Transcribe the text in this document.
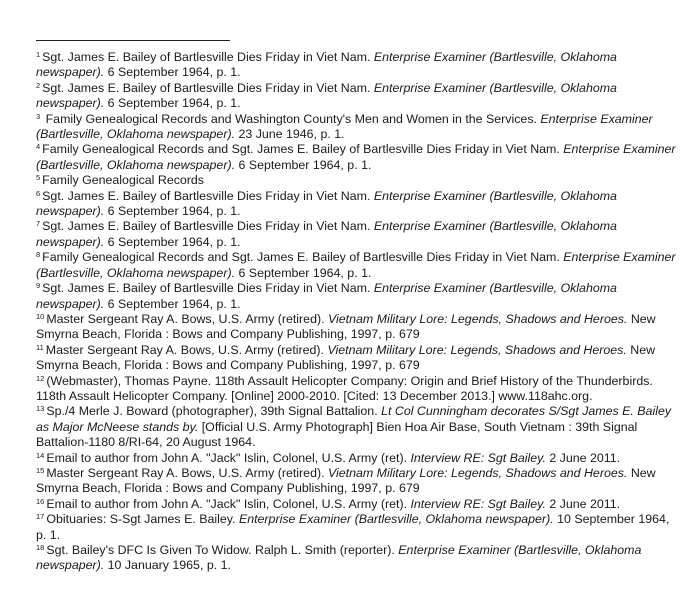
$^1$ Sgt. James E. Bailey of Bartlesville Dies Friday in Viet Nam. Enterprise Examiner (Bartlesville, Oklahoma newspaper). 6 September 1964, p. 1.

$^2$ Sgt. James E. Bailey of Bartlesville Dies Friday in Viet Nam. Enterprise Examiner (Bartlesville, Oklahoma newspaper). 6 September 1964, p. 1.

$^3$ Family Genealogical Records and Washington County's Men and Women in the Services. Enterprise Examiner (Bartlesville, Oklahoma newspaper). 23 June 1946, p. 1.

$^4$ Family Genealogical Records and Sgt. James E. Bailey of Bartlesville Dies Friday in Viet Nam. Enterprise Examiner (Bartlesville, Oklahoma newspaper). 6 September 1964, p. 1.

$^5$ Family Genealogical Records

$^6$ Sgt. James E. Bailey of Bartlesville Dies Friday in Viet Nam. Enterprise Examiner (Bartlesville, Oklahoma newspaper). 6 September 1964, p. 1.

$^7$ Sgt. James E. Bailey of Bartlesville Dies Friday in Viet Nam. Enterprise Examiner (Bartlesville, Oklahoma newspaper). 6 September 1964, p. 1.

$^8$ Family Genealogical Records and Sgt. James E. Bailey of Bartlesville Dies Friday in Viet Nam. Enterprise Examiner (Bartlesville, Oklahoma newspaper). 6 September 1964, p. 1.

$^9$ Sgt. James E. Bailey of Bartlesville Dies Friday in Viet Nam. Enterprise Examiner (Bartlesville, Oklahoma newspaper). 6 September 1964, p. 1.

$^{10}$ Master Sergeant Ray A. Bows, U.S. Army (retired). Vietnam Military Lore: Legends, Shadows and Heroes. New Smyrna Beach, Florida : Bows and Company Publishing, 1997, p. 679

$^{11}$ Master Sergeant Ray A. Bows, U.S. Army (retired). Vietnam Military Lore: Legends, Shadows and Heroes. New Smyrna Beach, Florida : Bows and Company Publishing, 1997, p. 679

$^{12}$ (Webmaster), Thomas Payne. 118th Assault Helicopter Company: Origin and Brief History of the Thunderbirds. 118th Assault Helicopter Company. [Online] 2000-2010. [Cited: 13 December 2013.] www.118ahc.org.

$^{13}$ Sp./4 Merle J. Boward (photographer), 39th Signal Battalion. Lt Col Cunningham decorates S/Sgt James E. Bailey as Major McNeese stands by. [Official U.S. Army Photograph] Bien Hoa Air Base, South Vietnam : 39th Signal Battalion-1180 8/RI-64, 20 August 1964.

$^{14}$ Email to author from John A. "Jack" Islin, Colonel, U.S. Army (ret). Interview RE: Sgt Bailey. 2 June 2011.

$^{15}$ Master Sergeant Ray A. Bows, U.S. Army (retired). Vietnam Military Lore: Legends, Shadows and Heroes. New Smyrna Beach, Florida : Bows and Company Publishing, 1997, p. 679

$^{16}$ Email to author from John A. "Jack" Islin, Colonel, U.S. Army (ret). Interview RE: Sgt Bailey. 2 June 2011.

$^{17}$ Obituaries: S-Sgt James E. Bailey. Enterprise Examiner (Bartlesville, Oklahoma newspaper). 10 September 1964, p. 1.

$^{18}$ Sgt. Bailey's DFC Is Given To Widow. Ralph L. Smith (reporter). Enterprise Examiner (Bartlesville, Oklahoma newspaper). 10 January 1965, p. 1.
